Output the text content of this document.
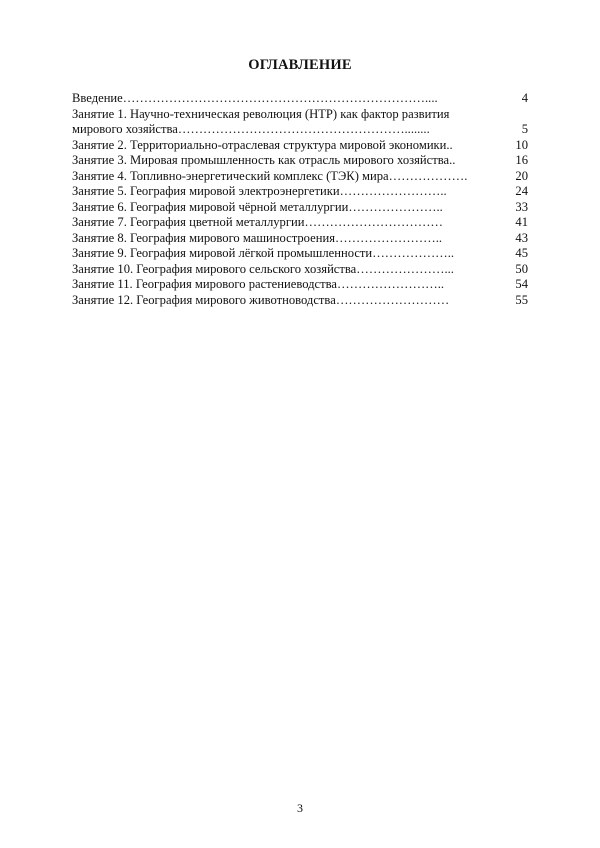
ОГЛАВЛЕНИЕ
Введение ………………………………………………………………....	4
Занятие 1. Научно-техническая революция (НТР) как фактор развития
мирового хозяйства ………………………………………………........	5
Занятие 2. Территориально-отраслевая структура мировой экономики..	10
Занятие 3. Мировая промышленность как отрасль мирового хозяйства..	16
Занятие 4. Топливно-энергетический комплекс (ТЭК) мира ……………….	20
Занятие 5. География мировой электроэнергетики ……………………..	24
Занятие 6. География мировой чёрной металлургии …………………..	33
Занятие 7. География цветной металлургии ……………………………	41
Занятие 8. География мирового машиностроения ……………………..	43
Занятие 9. География мировой лёгкой промышленности ………………..	45
Занятие 10. География мирового сельского хозяйства …………………...	50
Занятие 11. География мирового растениеводства ……………………..	54
Занятие 12. География мирового животноводства ………………………	55
3
